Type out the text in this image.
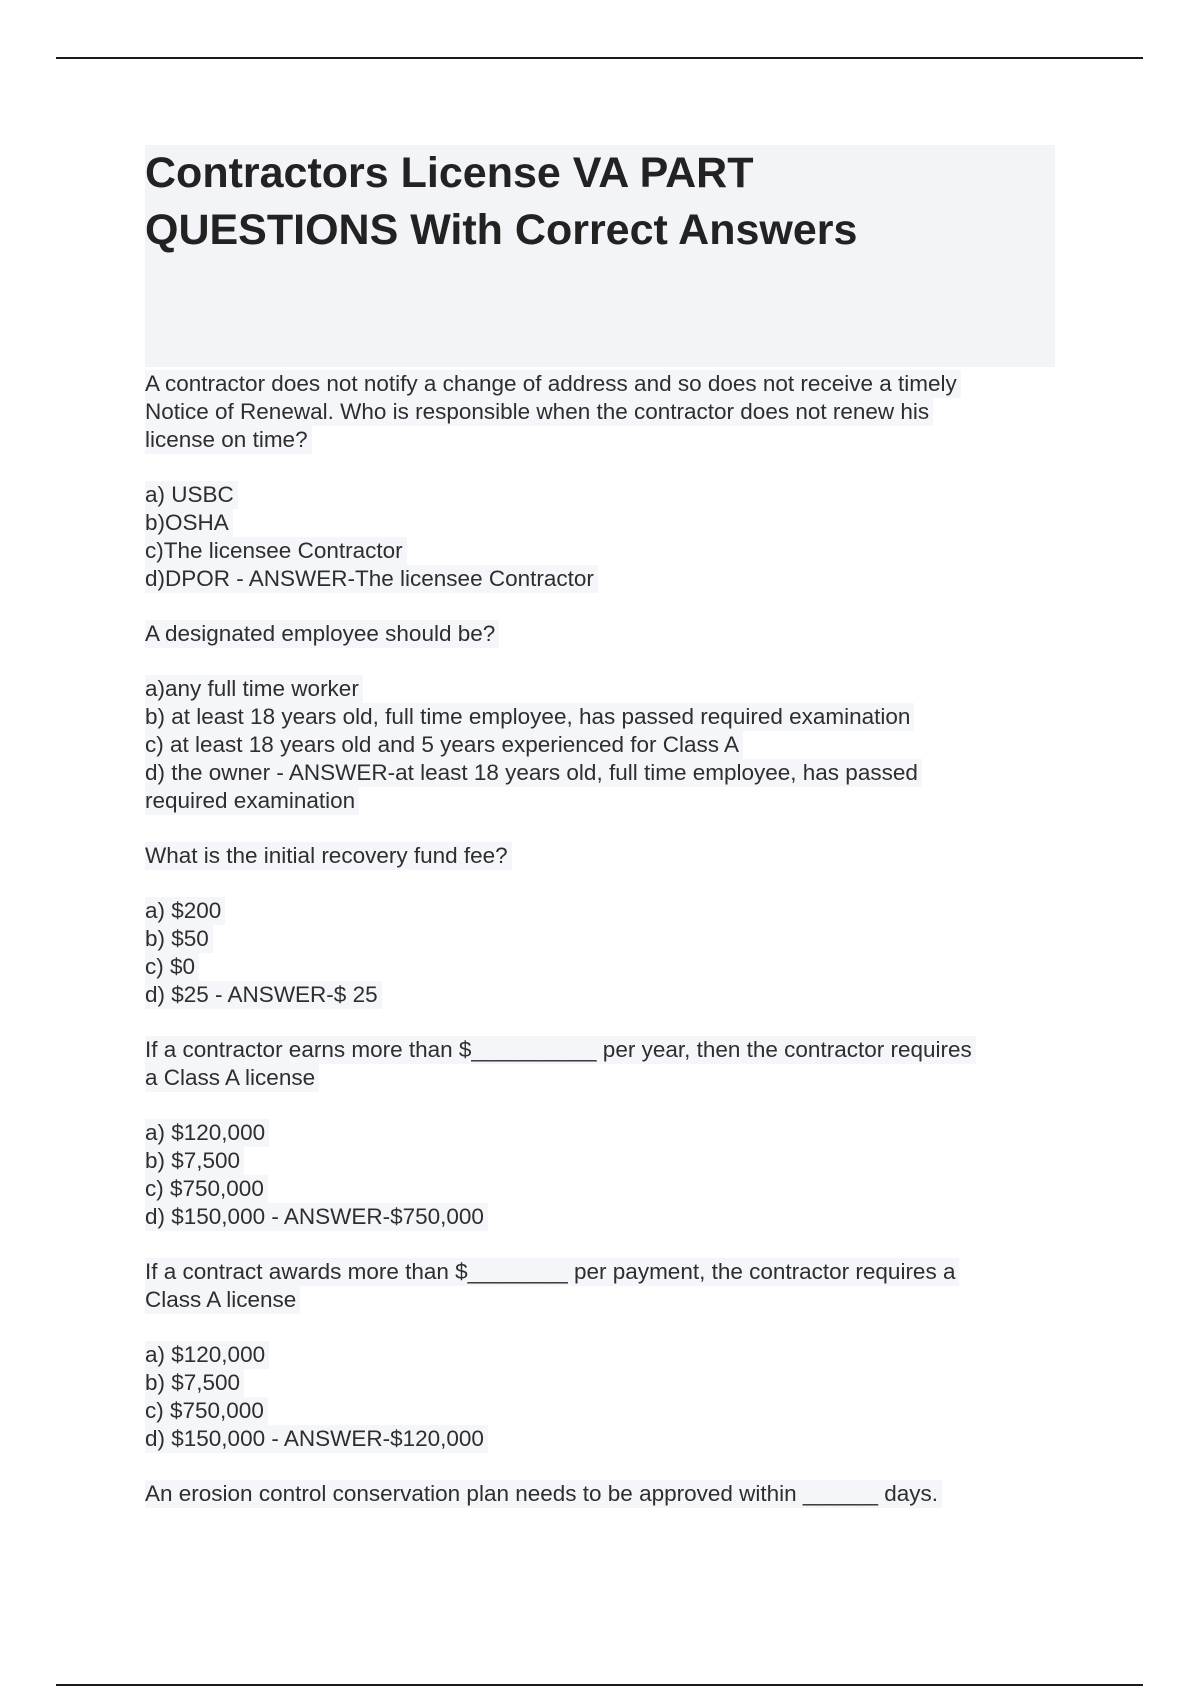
Contractors License VA PART
QUESTIONS With Correct Answers
A contractor does not notify a change of address and so does not receive a timely
Notice of Renewal. Who is responsible when the contractor does not renew his
license on time?
a) USBC
b)OSHA
c)The licensee Contractor
d)DPOR - ANSWER-The licensee Contractor
A designated employee should be?
a)any full time worker
b) at least 18 years old, full time employee, has passed required examination
c) at least 18 years old and 5 years experienced for Class A
d) the owner - ANSWER-at least 18 years old, full time employee, has passed
required examination
What is the initial recovery fund fee?
a) $200
b) $50
c) $0
d) $25 - ANSWER-$ 25
If a contractor earns more than $__________ per year, then the contractor requires
a Class A license
a) $120,000
b) $7,500
c) $750,000
d) $150,000 - ANSWER-$750,000
If a contract awards more than $________ per payment, the contractor requires a
Class A license
a) $120,000
b) $7,500
c) $750,000
d) $150,000 - ANSWER-$120,000
An erosion control conservation plan needs to be approved within ______ days.
